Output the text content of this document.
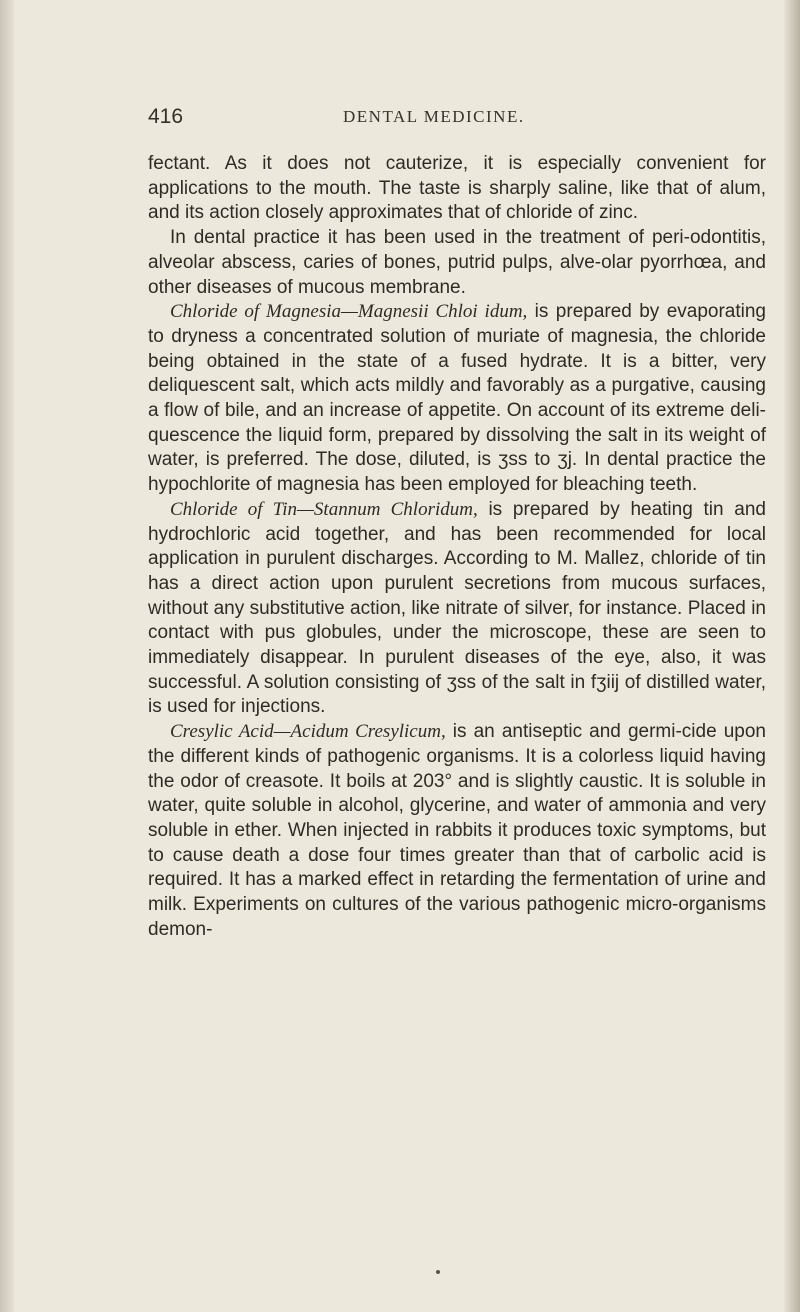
416	DENTAL MEDICINE.

fectant. As it does not cauterize, it is especially convenient for applications to the mouth. The taste is sharply saline, like that of alum, and its action closely approximates that of chloride of zinc.

In dental practice it has been used in the treatment of peri-odontitis, alveolar abscess, caries of bones, putrid pulps, alve-olar pyorrhœa, and other diseases of mucous membrane.

Chloride of Magnesia—Magnesii Chloi idum, is prepared by evaporating to dryness a concentrated solution of muriate of magnesia, the chloride being obtained in the state of a fused hydrate. It is a bitter, very deliquescent salt, which acts mildly and favorably as a purgative, causing a flow of bile, and an increase of appetite. On account of its extreme deli-quescence the liquid form, prepared by dissolving the salt in its weight of water, is preferred. The dose, diluted, is ʒss to ʒj. In dental practice the hypochlorite of magnesia has been employed for bleaching teeth.

Chloride of Tin—Stannum Chloridum, is prepared by heating tin and hydrochloric acid together, and has been recommended for local application in purulent discharges. According to M. Mallez, chloride of tin has a direct action upon purulent secretions from mucous surfaces, without any substitutive action, like nitrate of silver, for instance. Placed in contact with pus globules, under the microscope, these are seen to immediately disappear. In purulent diseases of the eye, also, it was successful. A solution consisting of ʒss of the salt in fʒiij of distilled water, is used for injections.

Cresylic Acid—Acidum Cresylicum, is an antiseptic and germi-cide upon the different kinds of pathogenic organisms. It is a colorless liquid having the odor of creasote. It boils at 203° and is slightly caustic. It is soluble in water, quite soluble in alcohol, glycerine, and water of ammonia and very soluble in ether. When injected in rabbits it produces toxic symptoms, but to cause death a dose four times greater than that of carbolic acid is required. It has a marked effect in retarding the fermentation of urine and milk. Experiments on cultures of the various pathogenic micro-organisms demon-
